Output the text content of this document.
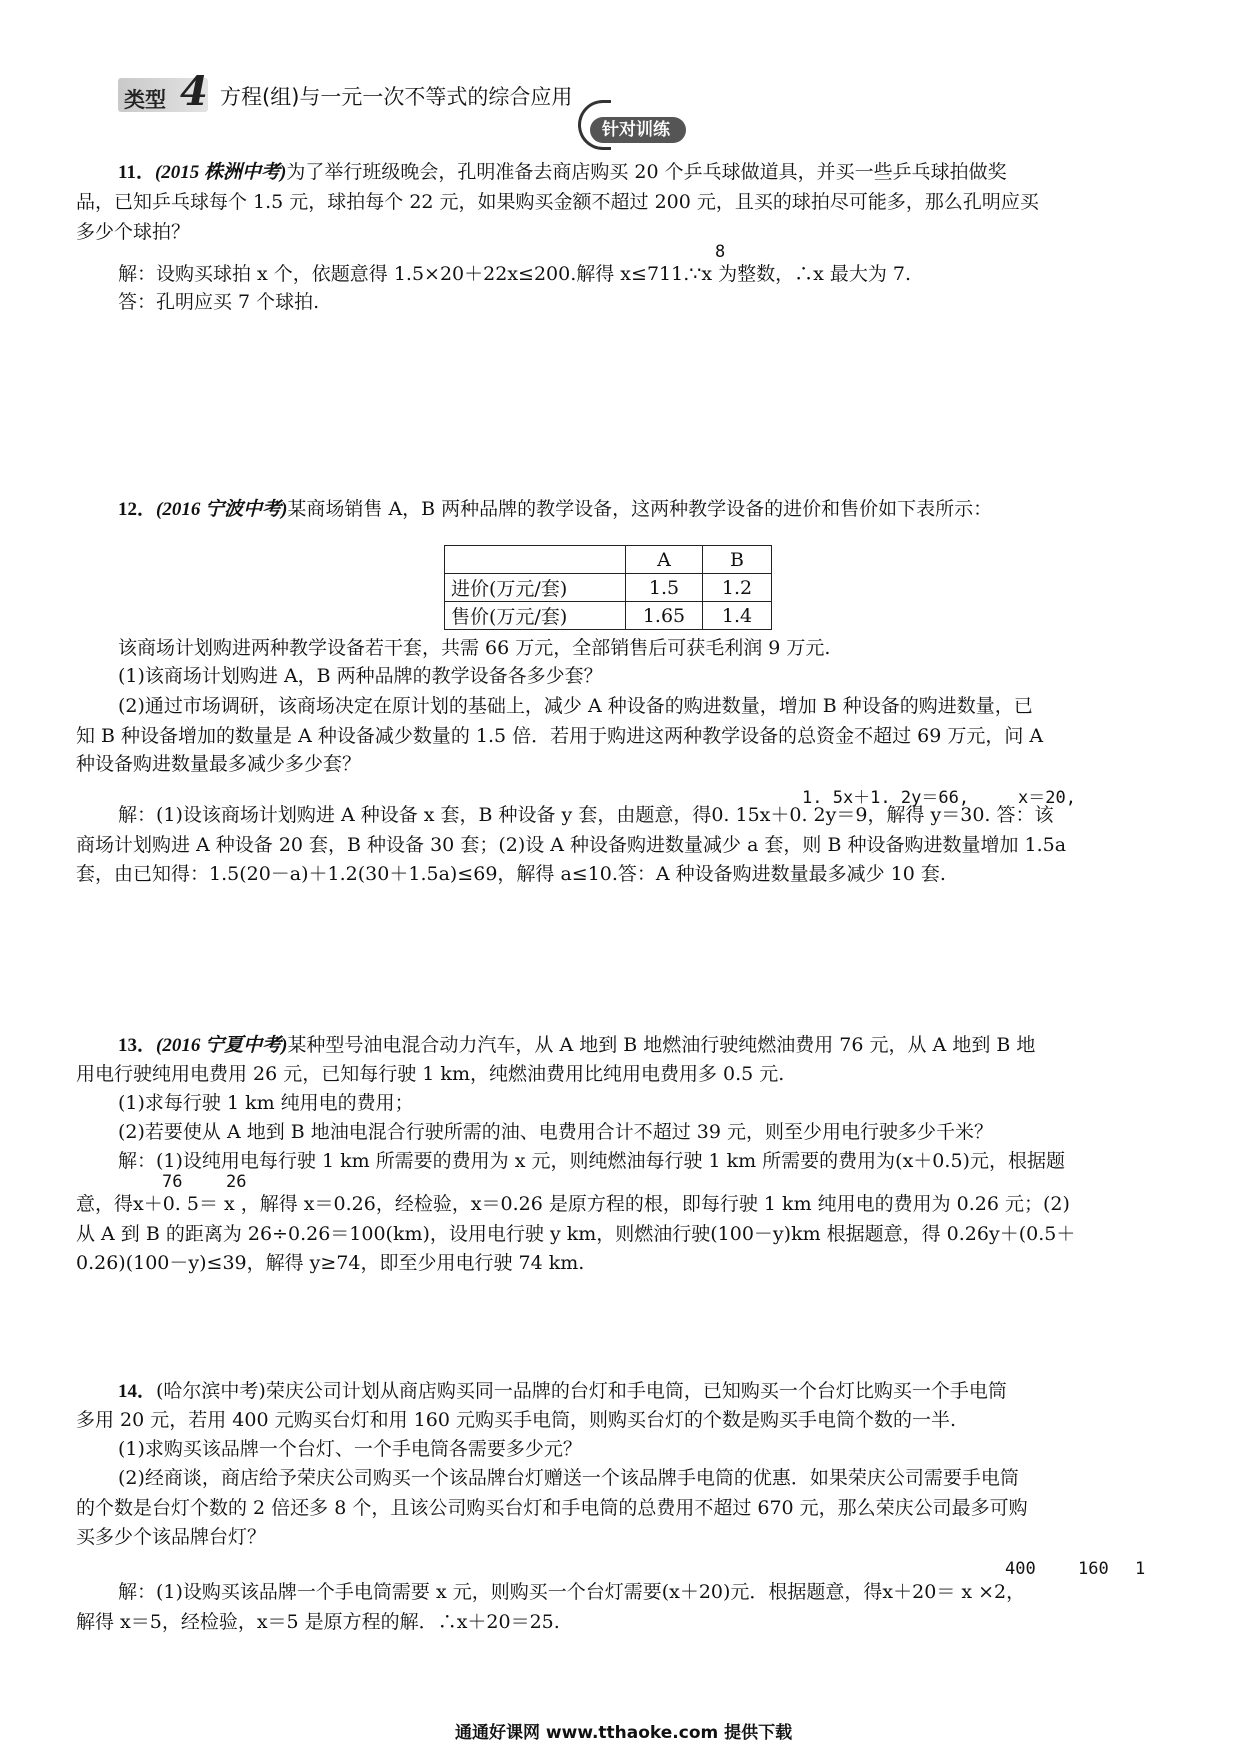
类型 4 方程(组)与一元一次不等式的综合应用
针对训练
11．(2015 株洲中考)为了举行班级晚会，孔明准备去商店购买 20 个乒乓球做道具，并买一些乒乓球拍做奖
品，已知乒乓球每个 1.5 元，球拍每个 22 元，如果购买金额不超过 200 元，且买的球拍尽可能多，那么孔明应买
多少个球拍？
8
解：设购买球拍 x 个，依题意得 1.5×20＋22x≤200.解得 x≤711.∵x 为整数，∴x 最大为 7.
答：孔明应买 7 个球拍.
12．(2016 宁波中考)某商场销售 A，B 两种品牌的教学设备，这两种教学设备的进价和售价如下表所示：
	A	B
进价(万元/套)	1.5	1.2
售价(万元/套)	1.65	1.4
该商场计划购进两种教学设备若干套，共需 66 万元，全部销售后可获毛利润 9 万元.
(1)该商场计划购进 A，B 两种品牌的教学设备各多少套？
(2)通过市场调研，该商场决定在原计划的基础上，减少 A 种设备的购进数量，增加 B 种设备的购进数量，已
知 B 种设备增加的数量是 A 种设备减少数量的 1.5 倍．若用于购进这两种教学设备的总资金不超过 69 万元，问 A
种设备购进数量最多减少多少套？
1. 5x＋1. 2y＝66,	x＝20,
解：(1)设该商场计划购进 A 种设备 x 套，B 种设备 y 套，由题意，得0. 15x＋0. 2y＝9，解得 y＝30. 答：该
商场计划购进 A 种设备 20 套，B 种设备 30 套；(2)设 A 种设备购进数量减少 a 套，则 B 种设备购进数量增加 1.5a
套，由已知得：1.5(20－a)＋1.2(30＋1.5a)≤69，解得 a≤10.答：A 种设备购进数量最多减少 10 套.
13．(2016 宁夏中考)某种型号油电混合动力汽车，从 A 地到 B 地燃油行驶纯燃油费用 76 元，从 A 地到 B 地
用电行驶纯用电费用 26 元，已知每行驶 1 km，纯燃油费用比纯用电费用多 0.5 元.
(1)求每行驶 1 km 纯用电的费用；
(2)若要使从 A 地到 B 地油电混合行驶所需的油、电费用合计不超过 39 元，则至少用电行驶多少千米？
解：(1)设纯用电每行驶 1 km 所需要的费用为 x 元，则纯燃油每行驶 1 km 所需要的费用为(x＋0.5)元，根据题
76	26
意，得x＋0. 5＝ x ，解得 x＝0.26，经检验，x＝0.26 是原方程的根，即每行驶 1 km 纯用电的费用为 0.26 元；(2)
从 A 到 B 的距离为 26÷0.26＝100(km)，设用电行驶 y km，则燃油行驶(100－y)km 根据题意，得 0.26y＋(0.5＋
0.26)(100－y)≤39，解得 y≥74，即至少用电行驶 74 km.
14．(哈尔滨中考)荣庆公司计划从商店购买同一品牌的台灯和手电筒，已知购买一个台灯比购买一个手电筒
多用 20 元，若用 400 元购买台灯和用 160 元购买手电筒，则购买台灯的个数是购买手电筒个数的一半.
(1)求购买该品牌一个台灯、一个手电筒各需要多少元？
(2)经商谈，商店给予荣庆公司购买一个该品牌台灯赠送一个该品牌手电筒的优惠．如果荣庆公司需要手电筒
的个数是台灯个数的 2 倍还多 8 个，且该公司购买台灯和手电筒的总费用不超过 670 元，那么荣庆公司最多可购
买多少个该品牌台灯？
400 160 1
解：(1)设购买该品牌一个手电筒需要 x 元，则购买一个台灯需要(x＋20)元．根据题意，得x＋20＝ x ×2，
解得 x＝5，经检验，x＝5 是原方程的解．∴x＋20＝25.
通通好课网 www.tthaoke.com 提供下载
